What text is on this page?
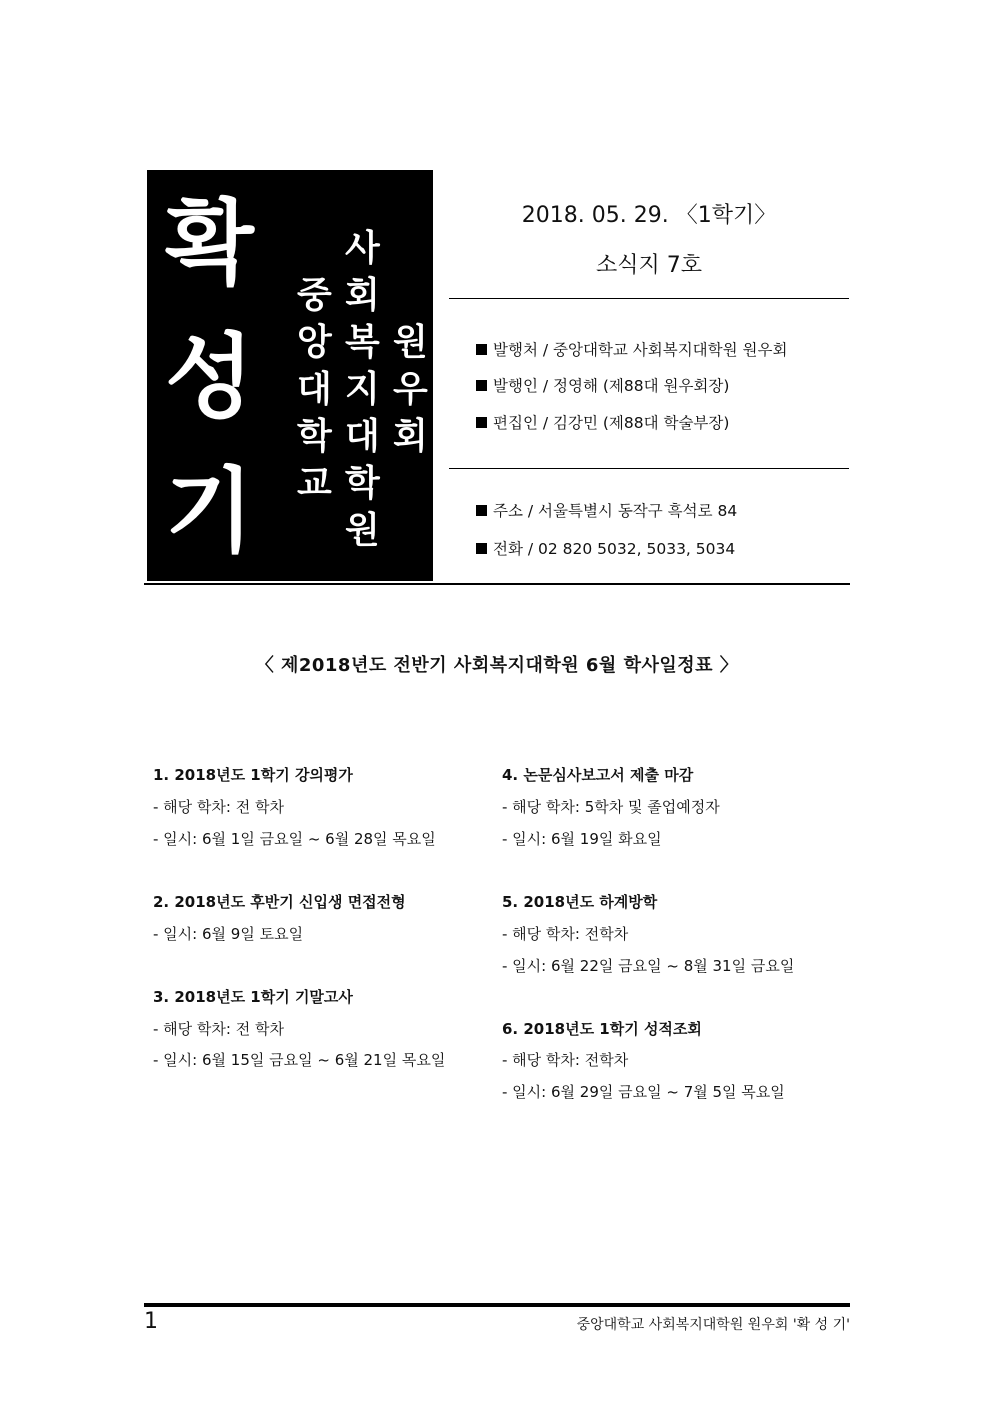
확
성
기
중
앙
대
학
교
사
회
복
지
대
학
원
원
우
회
2018. 05. 29. 〈1학기〉
소식지 7호
발행처 / 중앙대학교 사회복지대학원 원우회
발행인 / 정영해 (제88대 원우회장)
편집인 / 김강민 (제88대 학술부장)
주소 / 서울특별시 동작구 흑석로 84
전화 / 02 820 5032, 5033, 5034
〈 제2018년도 전반기 사회복지대학원 6월 학사일정표 〉
1. 2018년도 1학기 강의평가
- 해당 학차: 전 학차
- 일시: 6월 1일 금요일 ~ 6월 28일 목요일
2. 2018년도 후반기 신입생 면접전형
- 일시: 6월 9일 토요일
3. 2018년도 1학기 기말고사
- 해당 학차: 전 학차
- 일시: 6월 15일 금요일 ~ 6월 21일 목요일
4. 논문심사보고서 제출 마감
- 해당 학차: 5학차 및 졸업예정자
- 일시: 6월 19일 화요일
5. 2018년도 하계방학
- 해당 학차: 전학차
- 일시: 6월 22일 금요일 ~ 8월 31일 금요일
6. 2018년도 1학기 성적조회
- 해당 학차: 전학차
- 일시: 6월 29일 금요일 ~ 7월 5일 목요일
1	중앙대학교 사회복지대학원 원우회 '확 성 기'
